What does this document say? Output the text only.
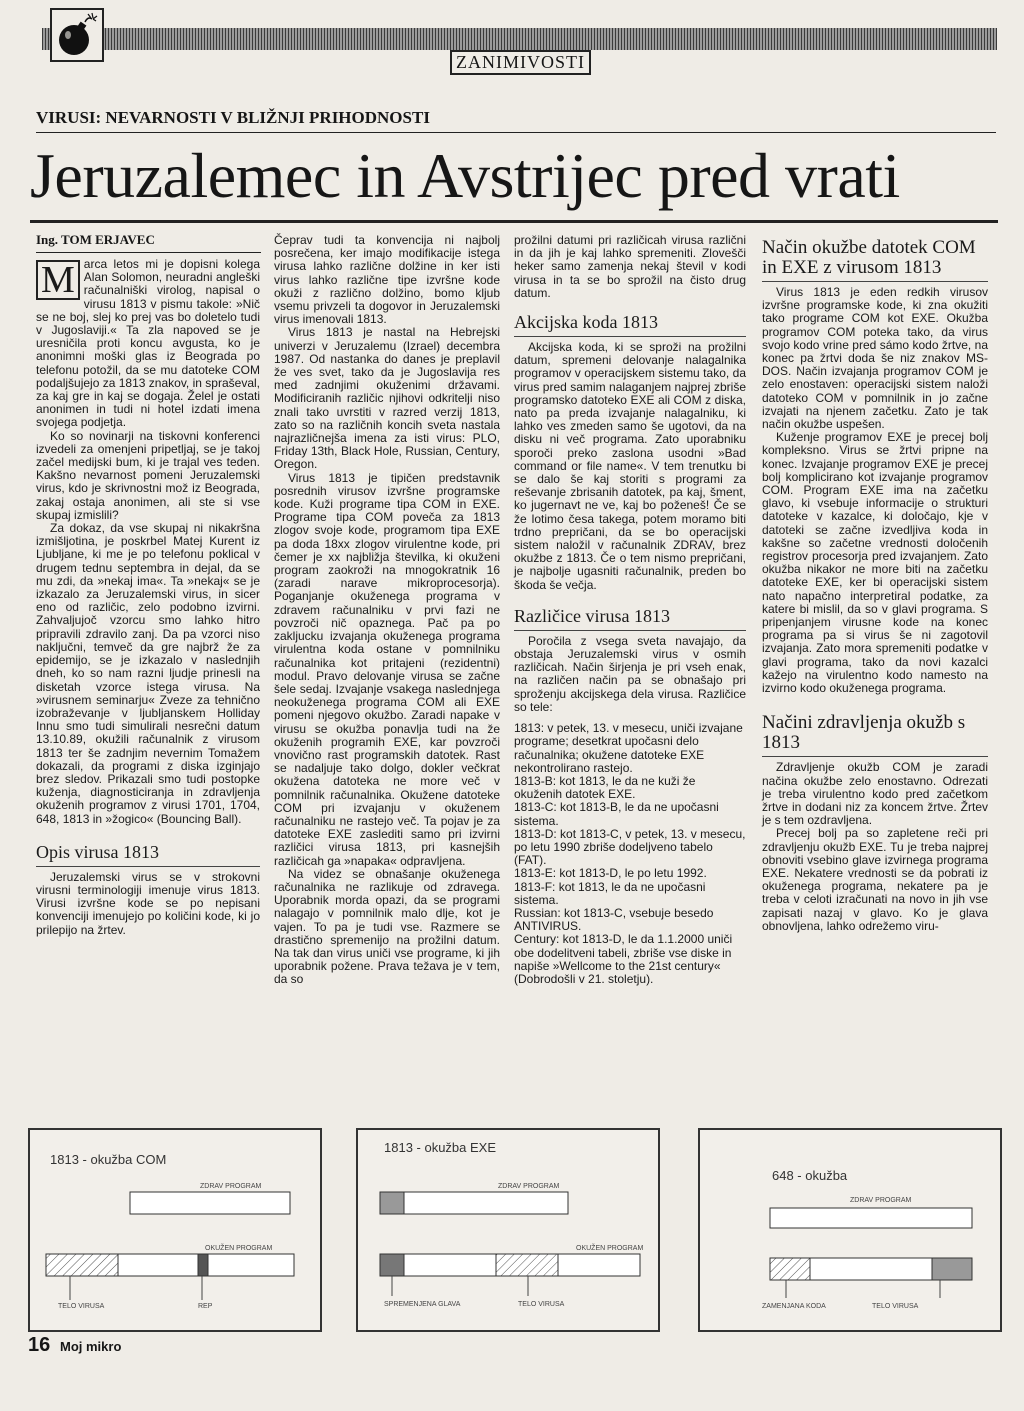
ZANIMIVOSTI
VIRUSI: NEVARNOSTI V BLIŽNJI PRIHODNOSTI
Jeruzalemec in Avstrijec pred vrati
Ing. TOM ERJAVEC

M arca letos mi je dopisni kolega Alan Solomon, neuradni angleški računalniški virolog, napisal o virusu 1813 v pismu takole: »Nič se ne boj, slej ko prej vas bo doletelo tudi v Jugoslaviji.« Ta zla napoved se je uresničila proti koncu avgusta, ko je anonimni moški glas iz Beograda po telefonu potožil, da se mu datoteke COM podaljšujejo za 1813 znakov, in spraševal, za kaj gre in kaj se dogaja. Želel je ostati anonimen in tudi ni hotel izdati imena svojega podjetja.

Ko so novinarji na tiskovni konferenci izvedeli za omenjeni pripetljaj, se je takoj začel medijski bum, ki je trajal ves teden. Kakšno nevarnost pomeni Jeruzalemski virus, kdo je skrivnostni mož iz Beograda, zakaj ostaja anonimen, ali ste si vse skupaj izmislili?

Za dokaz, da vse skupaj ni nikakršna izmišljotina, je poskrbel Matej Kurent iz Ljubljane, ki me je po telefonu poklical v drugem tednu septembra in dejal, da se mu zdi, da »nekaj ima«. Ta »nekaj« se je izkazalo za Jeruzalemski virus, in sicer eno od različic, zelo podobno izvirni. Zahvaljujoč vzorcu smo lahko hitro pripravili zdravilo zanj. Da pa vzorci niso naključni, temveč da gre najbrž že za epidemijo, se je izkazalo v naslednjih dneh, ko so nam razni ljudje prinesli na disketah vzorce istega virusa. Na »virusnem seminarju« Zveze za tehnično izobraževanje v ljubljanskem Holliday Innu smo tudi simulirali nesrečni datum 13.10.89, okužili računalnik z virusom 1813 ter še zadnjim nevernim Tomažem dokazali, da programi z diska izginjajo brez sledov. Prikazali smo tudi postopke kuženja, diagnosticiranja in zdravljenja okuženih programov z virusi 1701, 1704, 648, 1813 in »žogico« (Bouncing Ball).

Opis virusa 1813

Jeruzalemski virus se v strokovni virusni terminologiji imenuje virus 1813. Virusi izvršne kode se po nepisani konvenciji imenujejo po količini kode, ki jo prilepijo na žrtev.

Čeprav tudi ta konvencija ni najbolj posrečena, ker imajo modifikacije istega virusa lahko različne dolžine in ker isti virus lahko različne tipe izvršne kode okuži z različno dolžino, bomo kljub vsemu privzeli ta dogovor in Jeruzalemski virus imenovali 1813.

Virus 1813 je nastal na Hebrejski univerzi v Jeruzalemu (Izrael) decembra 1987. Od nastanka do danes je preplavil že ves svet, tako da je Jugoslavija res med zadnjimi okuženimi državami. Modificiranih različic njihovi odkritelji niso znali tako uvrstiti v razred verzij 1813, zato so na različnih koncih sveta nastala najrazličnejša imena za isti virus: PLO, Friday 13th, Black Hole, Russian, Century, Oregon.

Virus 1813 je tipičen predstavnik posrednih virusov izvršne programske kode. Kuži programe tipa COM in EXE. Programe tipa COM poveča za 1813 zlogov svoje kode, programom tipa EXE pa doda 18xx zlogov virulentne kode, pri čemer je xx najbližja številka, ki okuženi program zaokroži na mnogokratnik 16 (zaradi narave mikroprocesorja). Poganjanje okuženega programa v zdravem računalniku v prvi fazi ne povzroči nič opaznega. Pač pa po zakljucku izvajanja okuženega programa virulentna koda ostane v pomnilniku računalnika kot pritajeni (rezidentni) modul. Pravo delovanje virusa se začne šele sedaj. Izvajanje vsakega naslednjega neokuženega programa COM ali EXE pomeni njegovo okužbo. Zaradi napake v virusu se okužba ponavlja tudi na že okuženih programih EXE, kar povzroči vnovično rast programskih datotek. Rast se nadaljuje tako dolgo, dokler večkrat okužena datoteka ne more več v pomnilnik računalnika. Okužene datoteke COM pri izvajanju v okuženem računalniku ne rastejo več. Ta pojav je za datoteke EXE zaslediti samo pri izvirni različici virusa 1813, pri kasnejših različicah ga »napaka« odpravljena.

Na videz se obnašanje okuženega računalnika ne razlikuje od zdravega. Uporabnik morda opazi, da se programi nalagajo v pomnilnik malo dlje, kot je vajen. To pa je tudi vse. Razmere se drastično spremenijo na prožilni datum. Na tak dan virus uniči vse programe, ki jih uporabnik požene. Prava težava je v tem, da so

prožilni datumi pri različicah virusa različni in da jih je kaj lahko spremeniti. Zlovešči heker samo zamenja nekaj števil v kodi virusa in ta se bo sprožil na čisto drug datum.

Akcijska koda 1813

Akcijska koda, ki se sproži na prožilni datum, spremeni delovanje nalagalnika programov v operacijskem sistemu tako, da virus pred samim nalaganjem najprej zbriše programsko datoteko EXE ali COM z diska, nato pa preda izvajanje nalagalniku, ki lahko ves zmeden samo še ugotovi, da na disku ni več programa. Zato uporabniku sporoči preko zaslona usodni »Bad command or file name«. V tem trenutku bi se dalo še kaj storiti s programi za reševanje zbrisanih datotek, pa kaj, šment, ko jugernavt ne ve, kaj bo poženeš! Če se že lotimo česa takega, potem moramo biti trdno prepričani, da se bo operacijski sistem naložil v računalnik ZDRAV, brez okužbe z 1813. Če o tem nismo prepričani, je najbolje ugasniti računalnik, preden bo škoda še večja.

Različice virusa 1813

Poročila z vsega sveta navajajo, da obstaja Jeruzalemski virus v osmih različicah. Način širjenja je pri vseh enak, na različen način pa se obnašajo pri sproženju akcijskega dela virusa. Različice so tele:

1813: v petek, 13. v mesecu, uniči izvajane programe; desetkrat upočasni delo računalnika; okužene datoteke EXE nekontrolirano rastejo.

1813-B: kot 1813, le da ne kuži že okuženih datotek EXE.

1813-C: kot 1813-B, le da ne upočasni sistema.

1813-D: kot 1813-C, v petek, 13. v mesecu, po letu 1990 zbriše dodeljveno tabelo (FAT).

1813-E: kot 1813-D, le po letu 1992.

1813-F: kot 1813, le da ne upočasni sistema.

Russian: kot 1813-C, vsebuje besedo ANTIVIRUS.

Century: kot 1813-D, le da 1.1.2000 uniči obe dodelitveni tabeli, zbriše vse diske in napiše »Wellcome to the 21st century« (Dobrodošli v 21. stoletju).

Način okužbe datotek COM in EXE z virusom 1813

Virus 1813 je eden redkih virusov izvršne programske kode, ki zna okužiti tako programe COM kot EXE. Okužba programov COM poteka tako, da virus svojo kodo vrine pred sámo kodo žrtve, na konec pa žrtvi doda še niz znakov MS-DOS. Način izvajanja programov COM je zelo enostaven: operacijski sistem naloži datoteko COM v pomnilnik in jo začne izvajati na njenem začetku. Zato je tak način okužbe uspešen.

Kuženje programov EXE je precej bolj kompleksno. Virus se žrtvi pripne na konec. Izvajanje programov EXE je precej bolj komplicirano kot izvajanje programov COM. Program EXE ima na začetku glavo, ki vsebuje informacije o strukturi datoteke v kazalce, ki določajo, kje v datoteki se začne izvedljiva koda in kakšne so začetne vrednosti določenih registrov procesorja pred izvajanjem. Zato okužba nikakor ne more biti na začetku datoteke EXE, ker bi operacijski sistem nato napačno interpretiral podatke, za katere bi mislil, da so v glavi programa. S pripenjanjem virusne kode na konec programa pa si virus še ni zagotovil izvajanja. Zato mora spremeniti podatke v glavi programa, tako da novi kazalci kažejo na virulentno kodo namesto na izvirno kodo okuženega programa.

Načini zdravljenja okužb s 1813

Zdravljenje okužb COM je zaradi načina okužbe zelo enostavno. Odrezati je treba virulentno kodo pred začetkom žrtve in dodani niz za koncem žrtve. Žrtev je s tem ozdravljena.

Precej bolj pa so zapletene reči pri zdravljenju okužb EXE. Tu je treba najprej obnoviti vsebino glave izvirnega programa EXE. Nekatere vrednosti se da pobrati iz okuženega programa, nekatere pa je treba v celoti izračunati na novo in jih vse zapisati nazaj v glavo. Ko je glava obnovljena, lahko odrežemo viru-

1813 - okužba COM
ZDRAV PROGRAM
OKUŽEN PROGRAM
TELO VIRUSA	REP
1813 - okužba EXE
ZDRAV PROGRAM
OKUŽEN PROGRAM
SPREMENJENA GLAVA	TELO VIRUSA
648 - okužba
ZDRAV PROGRAM
ZAMENJANA KODA	TELO VIRUSA
16 Moj mikro
